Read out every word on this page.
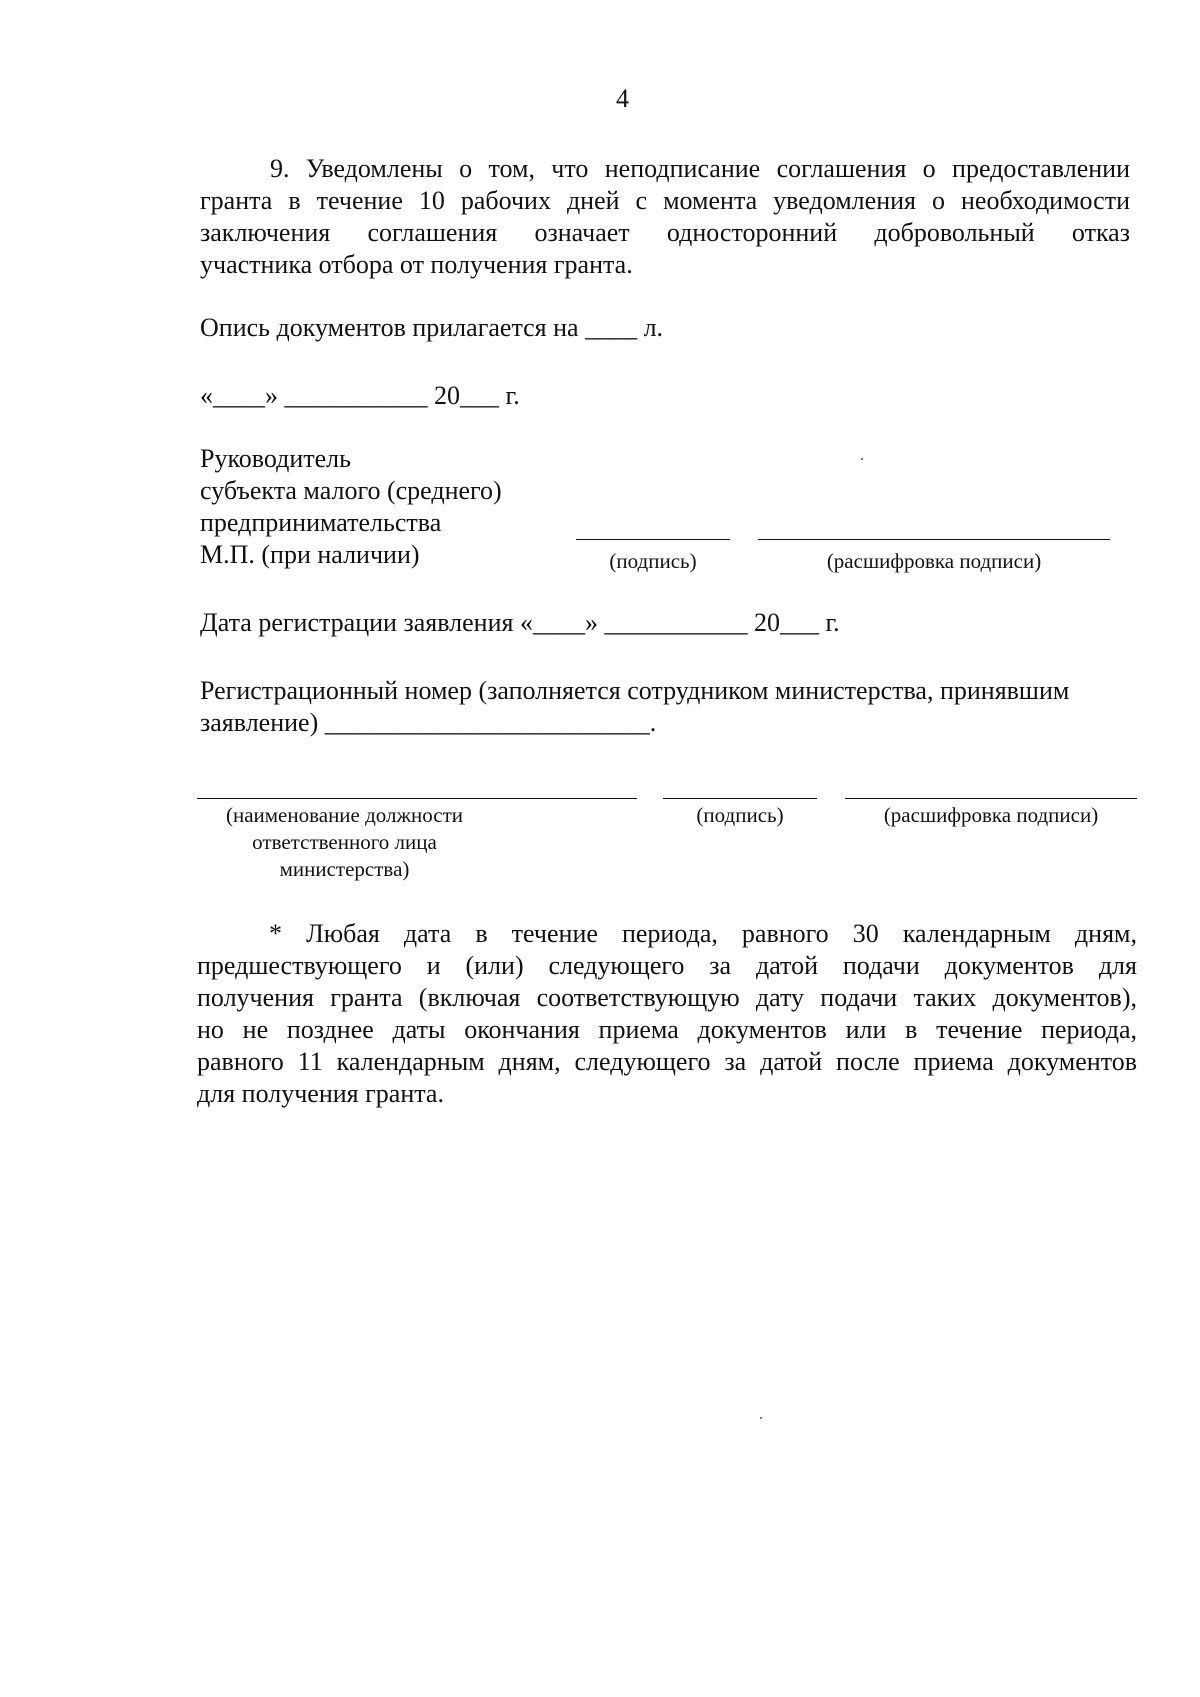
4
9. Уведомлены о том, что неподписание соглашения о предоставлении
гранта в течение 10 рабочих дней с момента уведомления о необходимости
заключения соглашения означает односторонний добровольный отказ
участника отбора от получения гранта.
Опись документов прилагается на ____ л.
«____» ___________ 20___ г.
Руководитель
субъекта малого (среднего)
предпринимательства
М.П. (при наличии)	(подпись)	(расшифровка подписи)
Дата регистрации заявления «____» ___________ 20___ г.
Регистрационный номер (заполняется сотрудником министерства, принявшим
заявление) _________________________.
(наименование должности
ответственного лица
министерства)
(подпись)	(расшифровка подписи)
* Любая дата в течение периода, равного 30 календарным дням,
предшествующего и (или) следующего за датой подачи документов для
получения гранта (включая соответствующую дату подачи таких документов),
но не позднее даты окончания приема документов или в течение периода,
равного 11 календарным дням, следующего за датой после приема документов
для получения гранта.
